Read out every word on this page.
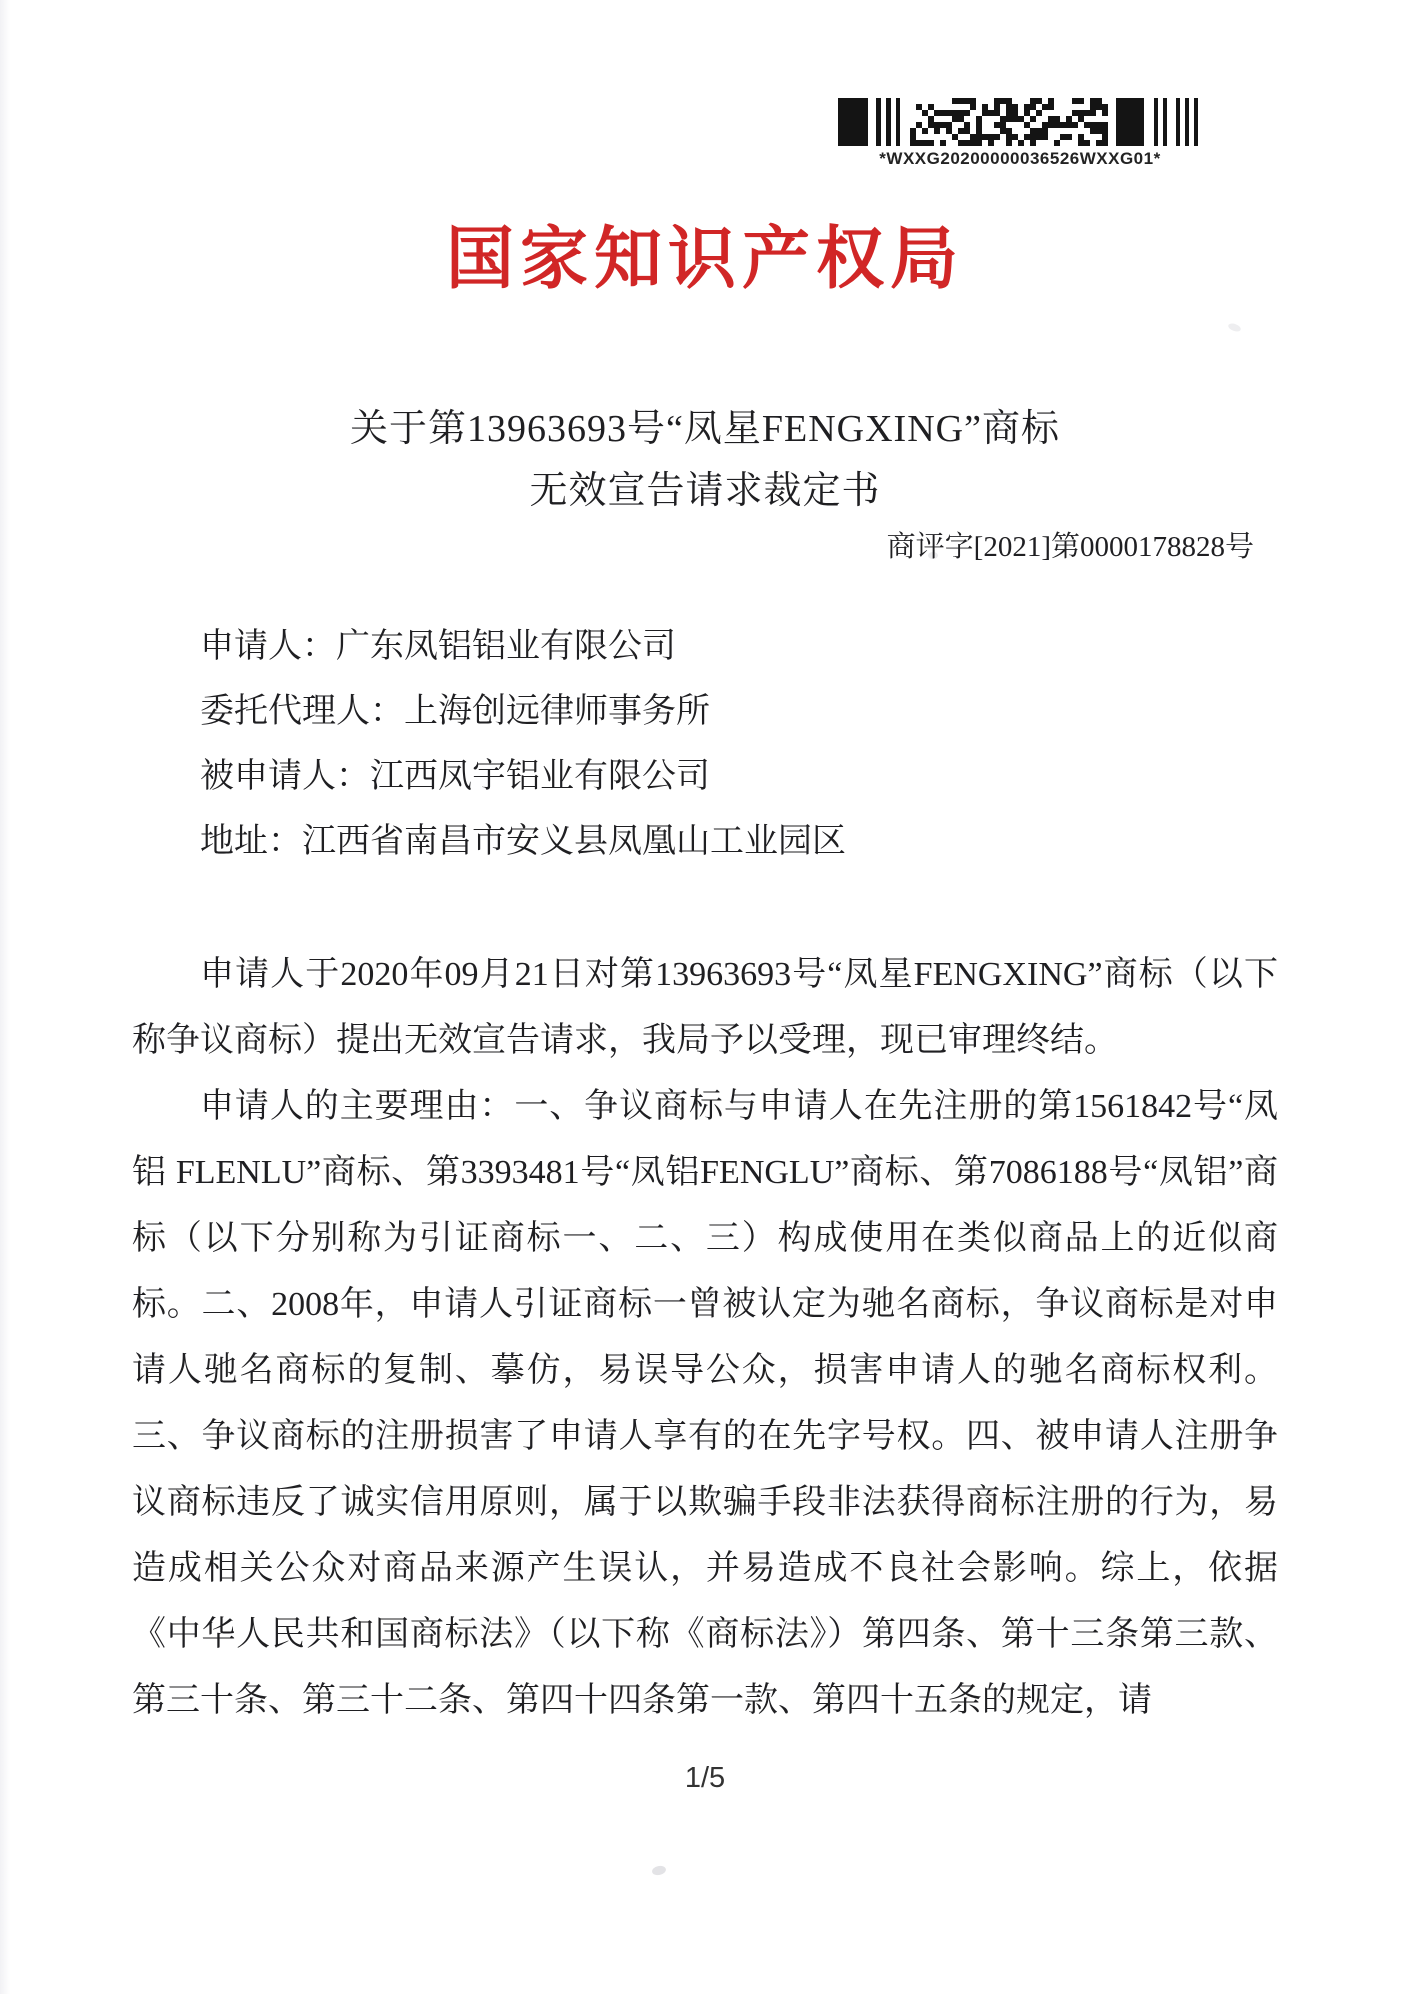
*WXXG20200000036526WXXG01*
国家知识产权局
关于第13963693号“凤星FENGXING”商标
无效宣告请求裁定书
商评字[2021]第0000178828号
申请人：广东凤铝铝业有限公司
委托代理人：上海创远律师事务所
被申请人：江西凤宇铝业有限公司
地址：江西省南昌市安义县凤凰山工业园区

申请人于2020年09月21日对第13963693号“凤星FENGXING”商标（以下称争议商标）提出无效宣告请求，我局予以受理，现已审理终结。

申请人的主要理由：一、争议商标与申请人在先注册的第1561842号“凤铝 FLENLU”商标、第3393481号“凤铝FENGLU”商标、第7086188号“凤铝”商标（以下分别称为引证商标一、二、三）构成使用在类似商品上的近似商标。二、2008年，申请人引证商标一曾被认定为驰名商标，争议商标是对申请人驰名商标的复制、摹仿，易误导公众，损害申请人的驰名商标权利。三、争议商标的注册损害了申请人享有的在先字号权。四、被申请人注册争议商标违反了诚实信用原则，属于以欺骗手段非法获得商标注册的行为，易造成相关公众对商品来源产生误认，并易造成不良社会影响。综上，依据《中华人民共和国商标法》（以下称《商标法》）第四条、第十三条第三款、第三十条、第三十二条、第四十四条第一款、第四十五条的规定，请

1/5
